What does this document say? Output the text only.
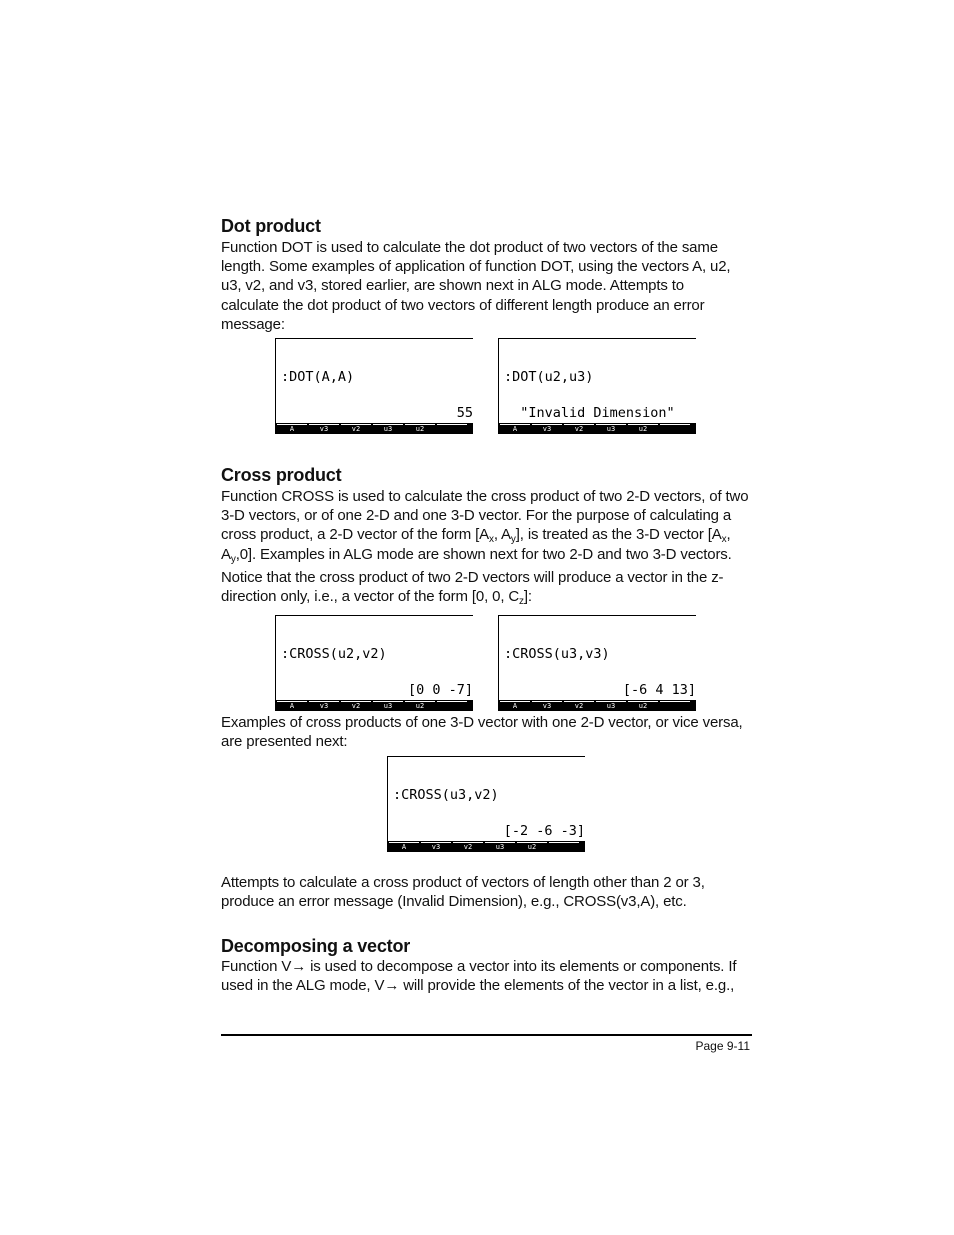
Dot product

Function DOT is used to calculate the dot product of two vectors of the same
length. Some examples of application of function DOT, using the vectors A, u2,
u3, v2, and v3, stored earlier, are shown next in ALG mode. Attempts to
calculate the dot product of two vectors of different length produce an error
message:

:DOT(A,A)

55

A	v3	v2	u3	u2

:DOT(u2,u3)

"Invalid Dimension"

A	v3	v2	u3	u2
Cross product

Function CROSS is used to calculate the cross product of two 2-D vectors, of two
3-D vectors, or of one 2-D and one 3-D vector. For the purpose of calculating a
cross product, a 2-D vector of the form [$A_x$, $A_y$], is treated as the 3-D vector [$A_x$,
$A_y,0$]. Examples in ALG mode are shown next for two 2-D and two 3-D vectors.

Notice that the cross product of two 2-D vectors will produce a vector in the z-
direction only, i.e., a vector of the form [0, 0, $C_z$]:

:CROSS(u2,v2)

[0 0 -7]

A	v3	v2	u3	u2

:CROSS(u3,v3)

[-6 4 13]

A	v3	v2	u3	u2

Examples of cross products of one 3-D vector with one 2-D vector, or vice versa,
are presented next:

:CROSS(u3,v2)

[-2 -6 -3]

A	v3	v2	u3	u2

Attempts to calculate a cross product of vectors of length other than 2 or 3,
produce an error message (Invalid Dimension), e.g., CROSS(v3,A), etc.

Decomposing a vector

Function V→ is used to decompose a vector into its elements or components. If
used in the ALG mode, V→ will provide the elements of the vector in a list, e.g.,

Page 9-11
